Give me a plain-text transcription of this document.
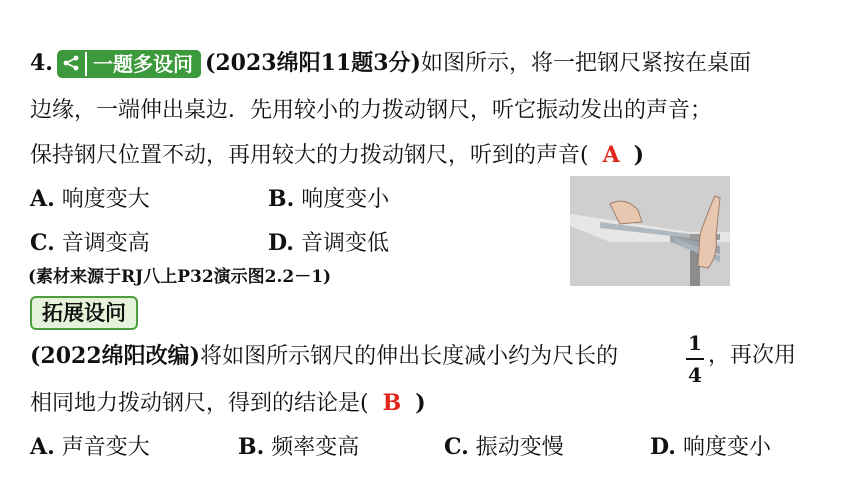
4. 一题多设问 (2023绵阳11题3分)如图所示，将一把钢尺紧按在桌面
边缘，一端伸出桌边．先用较小的力拨动钢尺，听它振动发出的声音；
保持钢尺位置不动，再用较大的力拨动钢尺，听到的声音( A )
A. 响度变大	B. 响度变小
C. 音调变高	D. 音调变低
(素材来源于RJ八上P32演示图2.2－1)
拓展设问
(2022绵阳改编)将如图所示钢尺的伸出长度减小约为尺长的
1
4
，再次用
相同地力拨动钢尺，得到的结论是( B )
A. 声音变大	B. 频率变高	C. 振动变慢	D. 响度变小
